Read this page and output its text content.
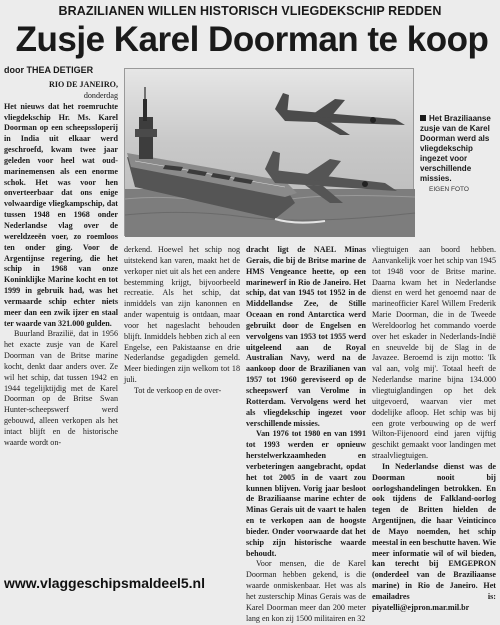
BRAZILIANEN WILLEN HISTORISCH VLIEGDEKSCHIP REDDEN
Zusje Karel Doorman te koop
door THEA DETIGER
Het Braziliaanse zusje van de Karel Doorman werd als vliegdekschip ingezet voor verschillende missies.
EIGEN FOTO
RIO DE JANEIRO,
donderdag

Het nieuws dat het roemruchte vliegdekschip Hr. Ms. Karel Doorman op een scheepssloperij in India uit elkaar werd geschroefd, kwam twee jaar geleden voor heel wat oud-marinemensen als een enorme schok. Het was voor hen onverteerbaar dat ons enige volwaardige vliegkampschip, dat tussen 1948 en 1968 onder Nederlandse vlag over de wereldzeeën voer, zo roemloos ten onder ging. Voor de Argentijnse regering, die het schip in 1968 van onze Koninklijke Marine kocht en tot 1999 in gebruik had, was het vermaarde schip echter niets meer dan een zwik ijzer en staal ter waarde van 321.000 gulden.

Buurland Brazilië, dat in 1956 het exacte zusje van de Karel Doorman van de Britse marine kocht, denkt daar anders over. Ze wil het schip, dat tussen 1942 en 1944 tegelijktijdig met de Karel Doorman op de Britse Swan Hunter-scheepswerf werd gebouwd, alleen verkopen als het intact blijft en de historische waarde wordt on-

derkend. Hoewel het schip nog uitstekend kan varen, maakt het de verkoper niet uit als het een andere bestemming krijgt, bijvoorbeeld recreatie. Als het schip, dat inmiddels van zijn kanonnen en ander wapentuig is ontdaan, maar voor het nageslacht behouden blijft. Inmiddels hebben zich al een Engelse, een Pakistaanse en drie Nederlandse gegadigden gemeld. Meer biedingen zijn welkom tot 18 juli.

Tot de verkoop en de over-

dracht ligt de NAEL Minas Gerais, die bij de Britse marine de HMS Vengeance heette, op een marinewerf in Rio de Janeiro. Het schip, dat van 1945 tot 1952 in de Middellandse Zee, de Stille Oceaan en rond Antarctica werd gebruikt door de Engelsen en vervolgens van 1953 tot 1955 werd uitgeleend aan de Royal Australian Navy, werd na de aankoop door de Brazilianen van 1957 tot 1960 gereviseerd op de scheepswerf van Verolme in Rotterdam. Vervolgens werd het als vliegdekschip ingezet voor verschillende missies.

Van 1976 tot 1980 en van 1991 tot 1993 werden er opnieuw herstelwerkzaamheden en verbeteringen aangebracht, opdat het tot 2005 in de vaart zou kunnen blijven. Vorig jaar besloot de Braziliaanse marine echter de Minas Gerais uit de vaart te halen en te verkopen aan de hoogste bieder. Onder voorwaarde dat het schip zijn historische waarde behoudt.

Voor mensen, die de Karel Doorman hebben gekend, is die waarde onmiskenbaar. Het was als het zusterschip Minas Gerais was de Karel Doorman meer dan 200 meter lang en kon zij 1500 militairen en 32

vliegtuigen aan boord hebben. Aanvankelijk voer het schip van 1945 tot 1948 voor de Britse marine. Daarna kwam het in Nederlandse dienst en werd het genoemd naar de marineofficier Karel Willem Frederik Marie Doorman, die in de Tweede Wereldoorlog het commando voerde over het eskader in Nederlands-Indië en sneuvelde bij de Slag in de Javazee. Beroemd is zijn motto: 'Ik val aan, volg mij'. Totaal heeft de Nederlandse marine bijna 134.000 vliegtuiglandingen op het dek uitgevoerd, waarvan vier met dodelijke afloop. Het schip was bij een grote verbouwing op de werf Wilton-Fijenoord eind jaren vijftig geschikt gemaakt voor landingen met straalvliegtuigen.

In Nederlandse dienst was de Doorman nooit bij oorlogshandelingen betrokken. En ook tijdens de Falkland-oorlog tegen de Britten hielden de Argentijnen, die haar Veinticinco de Mayo noemden, het schip meestal in een beschutte haven. Wie meer informatie wil of wil bieden, kan terecht bij EMGEPRON (onderdeel van de Braziliaanse marine) in Rio de Janeiro. Het emailadres is: piyatelli@ejpron.mar.mil.br

www.vlaggeschipsmaldeel5.nl
